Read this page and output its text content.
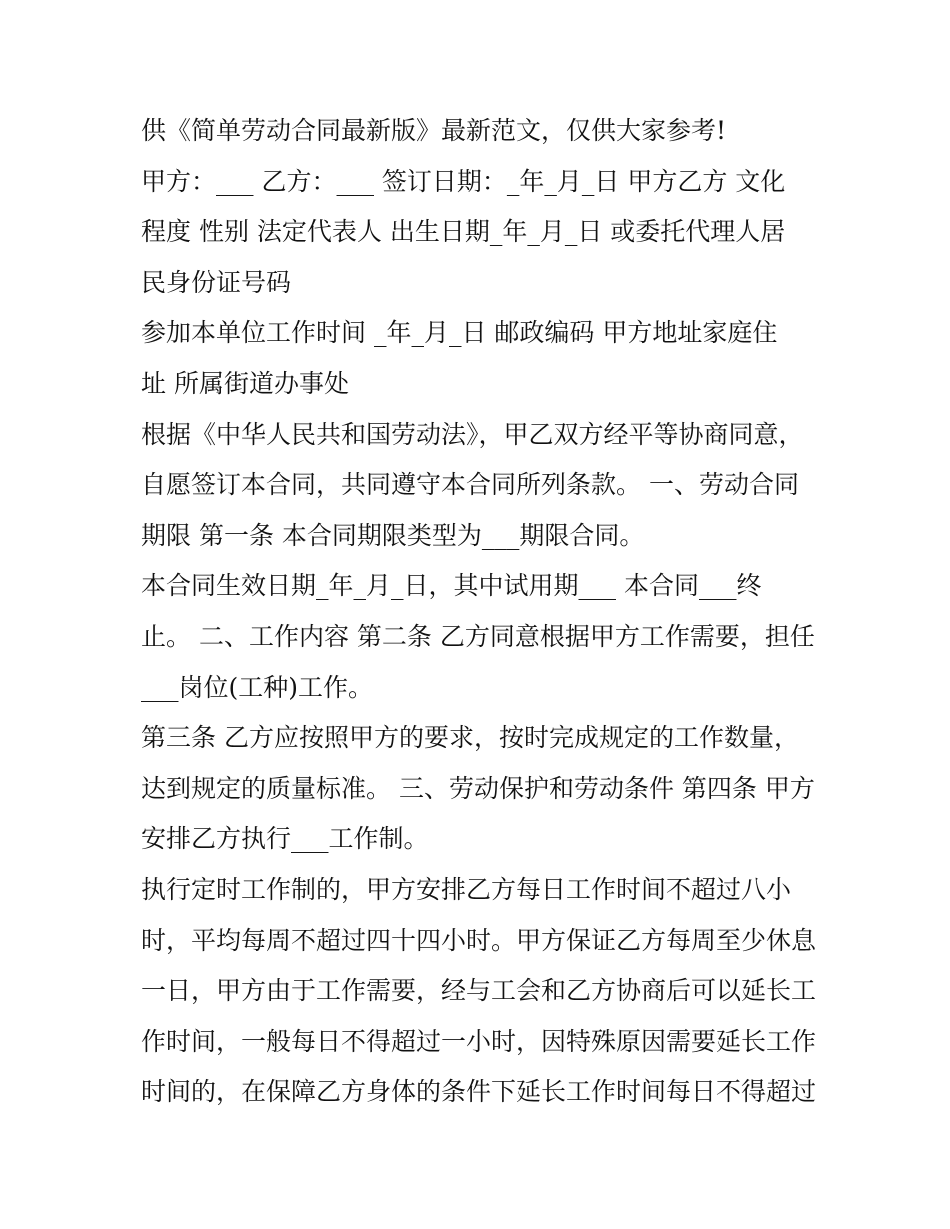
供《简单劳动合同最新版》最新范文，仅供大家参考!
甲方：___ 乙方：___ 签订日期：_年_月_日 甲方乙方 文化
程度 性别 法定代表人 出生日期_年_月_日 或委托代理人居
民身份证号码
参加本单位工作时间 _年_月_日 邮政编码 甲方地址家庭住
址 所属街道办事处
根据《中华人民共和国劳动法》，甲乙双方经平等协商同意，
自愿签订本合同，共同遵守本合同所列条款。 一、劳动合同
期限 第一条 本合同期限类型为___期限合同。
本合同生效日期_年_月_日，其中试用期___ 本合同___终
止。 二、工作内容 第二条 乙方同意根据甲方工作需要，担任
___岗位(工种)工作。
第三条 乙方应按照甲方的要求，按时完成规定的工作数量，
达到规定的质量标准。 三、劳动保护和劳动条件 第四条 甲方
安排乙方执行___工作制。
执行定时工作制的，甲方安排乙方每日工作时间不超过八小
时，平均每周不超过四十四小时。甲方保证乙方每周至少休息
一日，甲方由于工作需要，经与工会和乙方协商后可以延长工
作时间，一般每日不得超过一小时，因特殊原因需要延长工作
时间的，在保障乙方身体的条件下延长工作时间每日不得超过
